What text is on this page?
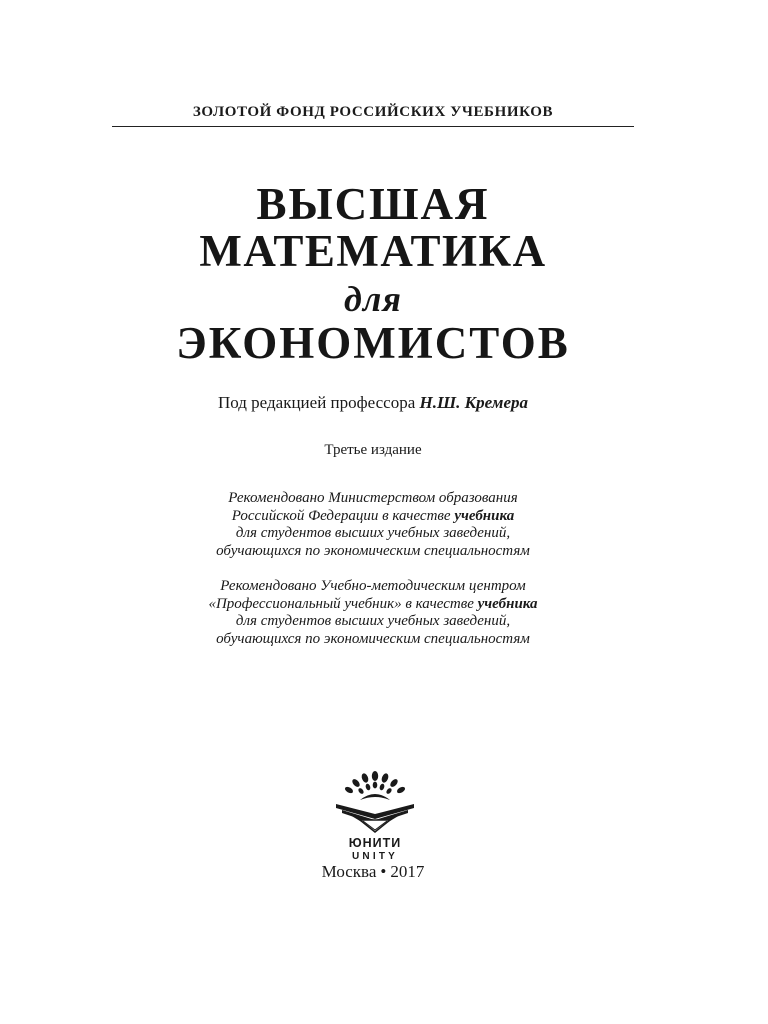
ЗОЛОТОЙ ФОНД РОССИЙСКИХ УЧЕБНИКОВ
ВЫСШАЯ
МАТЕМАТИКА
для
ЭКОНОМИСТОВ
Под редакцией профессора Н.Ш. Кремера
Третье издание
Рекомендовано Министерством образования
Российской Федерации в качестве учебника
для студентов высших учебных заведений,
обучающихся по экономическим специальностям
Рекомендовано Учебно-методическим центром
«Профессиональный учебник» в качестве учебника
для студентов высших учебных заведений,
обучающихся по экономическим специальностям
ЮНИТИ
UNITY
Москва • 2017
